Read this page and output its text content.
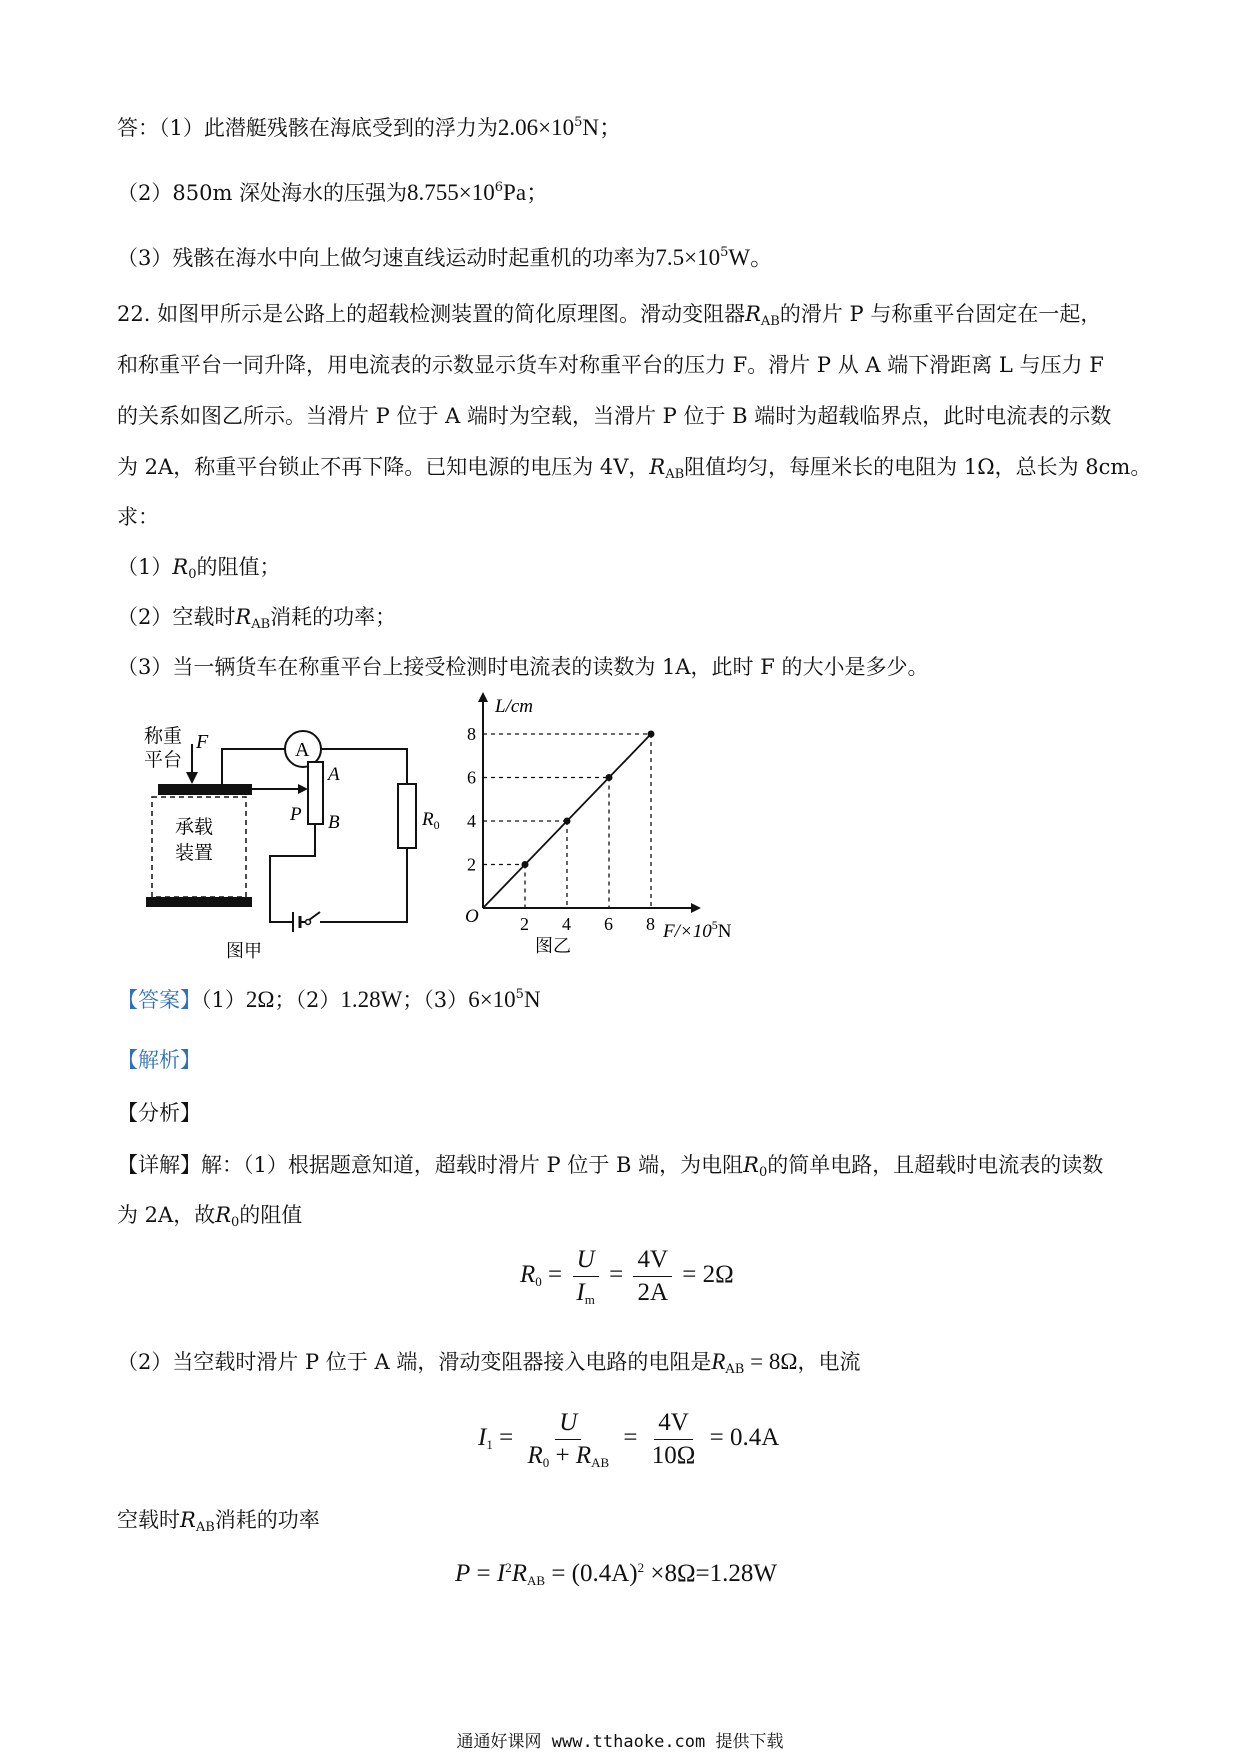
答：（1）此潜艇残骸在海底受到的浮力为$2.06\times 10^5N$；
（2）850m 深处海水的压强为$8.755\times 10^6Pa$；
（3）残骸在海水中向上做匀速直线运动时起重机的功率为$7.5\times 10^5W$。
22. 如图甲所示是公路上的超载检测装置的简化原理图。滑动变阻器$R_{AB}$的滑片 P 与称重平台固定在一起，
和称重平台一同升降，用电流表的示数显示货车对称重平台的压力 F。滑片 P 从 A 端下滑距离 L 与压力 F
的关系如图乙所示。当滑片 P 位于 A 端时为空载，当滑片 P 位于 B 端时为超载临界点，此时电流表的示数
为 2A，称重平台锁止不再下降。已知电源的电压为 4V，$R_{AB}$阻值均匀，每厘米长的电阻为 1Ω，总长为 8cm。
求：
$(1)R_0$的阻值；
（2）空载时$R_{AB}$消耗的功率；
（3）当一辆货车在称重平台上接受检测时电流表的读数为 1A，此时 F 的大小是多少。
称重
平台
F
承载
装置
A
$R_0$
A
B
P
图甲
L/cm
O
$F/\times 10^5N$
2 4 6 8
2
4
6
8
图乙
【答案】（1）2Ω；（2）1.28W；$(3)6\times 10^5N$
【解析】
【分析】
【详解】解：（1）根据题意知道，超载时滑片 P 位于 B 端，为电阻$R_0$的简单电路，且超载时电流表的读数
为 2A，故$R_0$的阻值
$R_0 = \frac{U}{I_m} = \frac{4V}{2A} = 2\Omega$
（2）当空载时滑片 P 位于 A 端，滑动变阻器接入电路的电阻是$R_{AB} = 8\Omega$，电流
$I_1 = \frac{U}{R_0 + R_{AB}} = \frac{4V}{10\Omega} = 0.4A$
空载时$R_{AB}$消耗的功率
$P = I^2R_{AB} = (0.4A)^2 \times 8\Omega=1.28W$
通通好课网 www.tthaoke.com 提供下载
